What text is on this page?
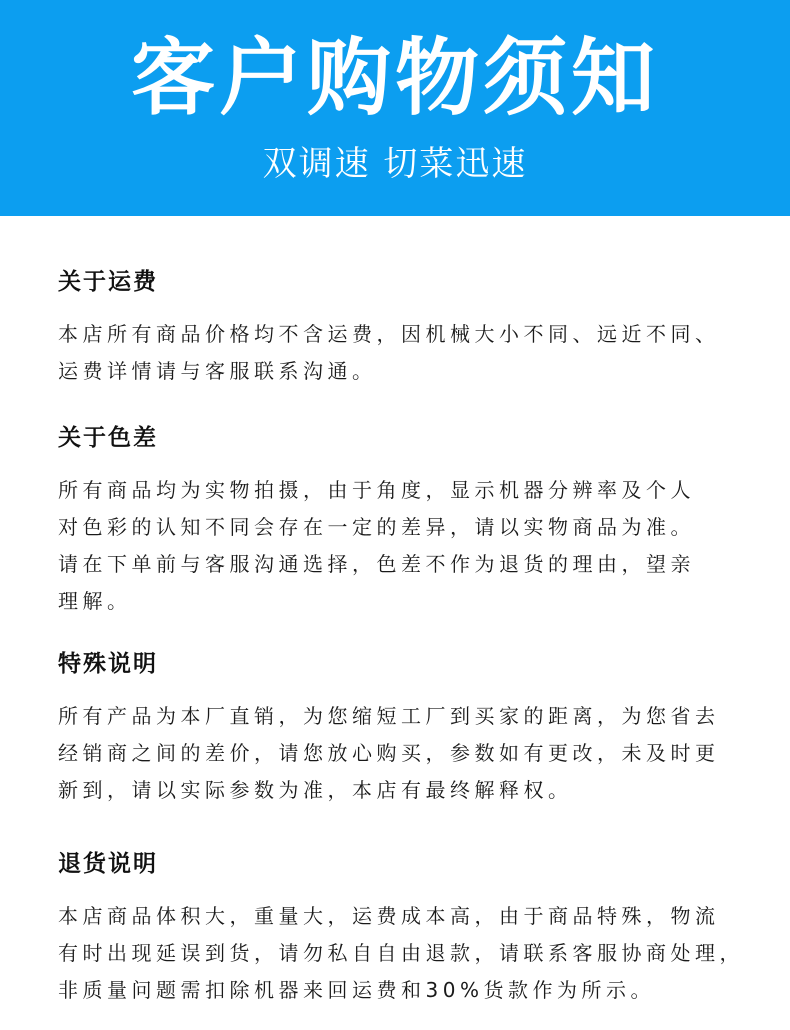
客户购物须知
双调速 切菜迅速
关于运费
本店所有商品价格均不含运费，因机械大小不同、远近不同、
运费详情请与客服联系沟通。
关于色差
所有商品均为实物拍摄，由于角度，显示机器分辨率及个人
对色彩的认知不同会存在一定的差异，请以实物商品为准。
请在下单前与客服沟通选择，色差不作为退货的理由，望亲
理解。
特殊说明
所有产品为本厂直销，为您缩短工厂到买家的距离，为您省去
经销商之间的差价，请您放心购买，参数如有更改，未及时更
新到，请以实际参数为准，本店有最终解释权。
退货说明
本店商品体积大，重量大，运费成本高，由于商品特殊，物流
有时出现延误到货，请勿私自自由退款，请联系客服协商处理，
非质量问题需扣除机器来回运费和30%货款作为所示。
